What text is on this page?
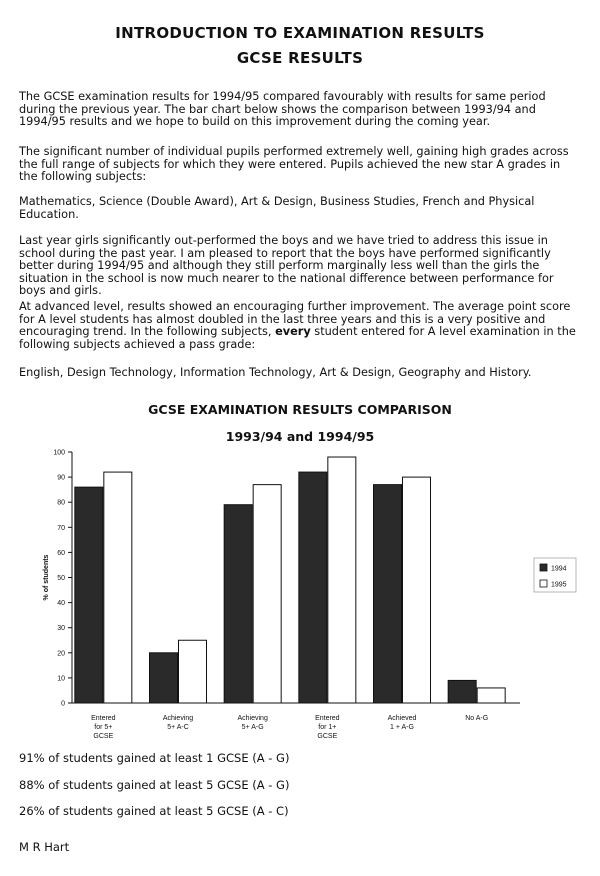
INTRODUCTION TO EXAMINATION RESULTS
GCSE RESULTS

The GCSE examination results for 1994/95 compared favourably with results for same period during the previous year. The bar chart below shows the comparison between 1993/94 and 1994/95 results and we hope to build on this improvement during the coming year.

The significant number of individual pupils performed extremely well, gaining high grades across the full range of subjects for which they were entered. Pupils achieved the new star A grades in the following subjects:

Mathematics, Science (Double Award), Art & Design, Business Studies, French and Physical Education.

Last year girls significantly out-performed the boys and we have tried to address this issue in school during the past year. I am pleased to report that the boys have performed significantly better during 1994/95 and although they still perform marginally less well than the girls the situation in the school is now much nearer to the national difference between performance for boys and girls.

At advanced level, results showed an encouraging further improvement. The average point score for A level students has almost doubled in the last three years and this is a very positive and encouraging trend. In the following subjects, every student entered for A level examination in the following subjects achieved a pass grade:

English, Design Technology, Information Technology, Art & Design, Geography and History.

GCSE EXAMINATION RESULTS COMPARISON
1993/94 and 1994/95
0
10
20
30
40
50
60
70
80
90
100
% of students
Entered
for 5+
GCSE
Achieving
5+ A-C
Achieving
5+ A-G
Entered
for 1+
GCSE
Achieved
1 + A-G
No A-G
1994
1995
91% of students gained at least 1 GCSE (A - G)
88% of students gained at least 5 GCSE (A - G)
26% of students gained at least 5 GCSE (A - C)
M R Hart
